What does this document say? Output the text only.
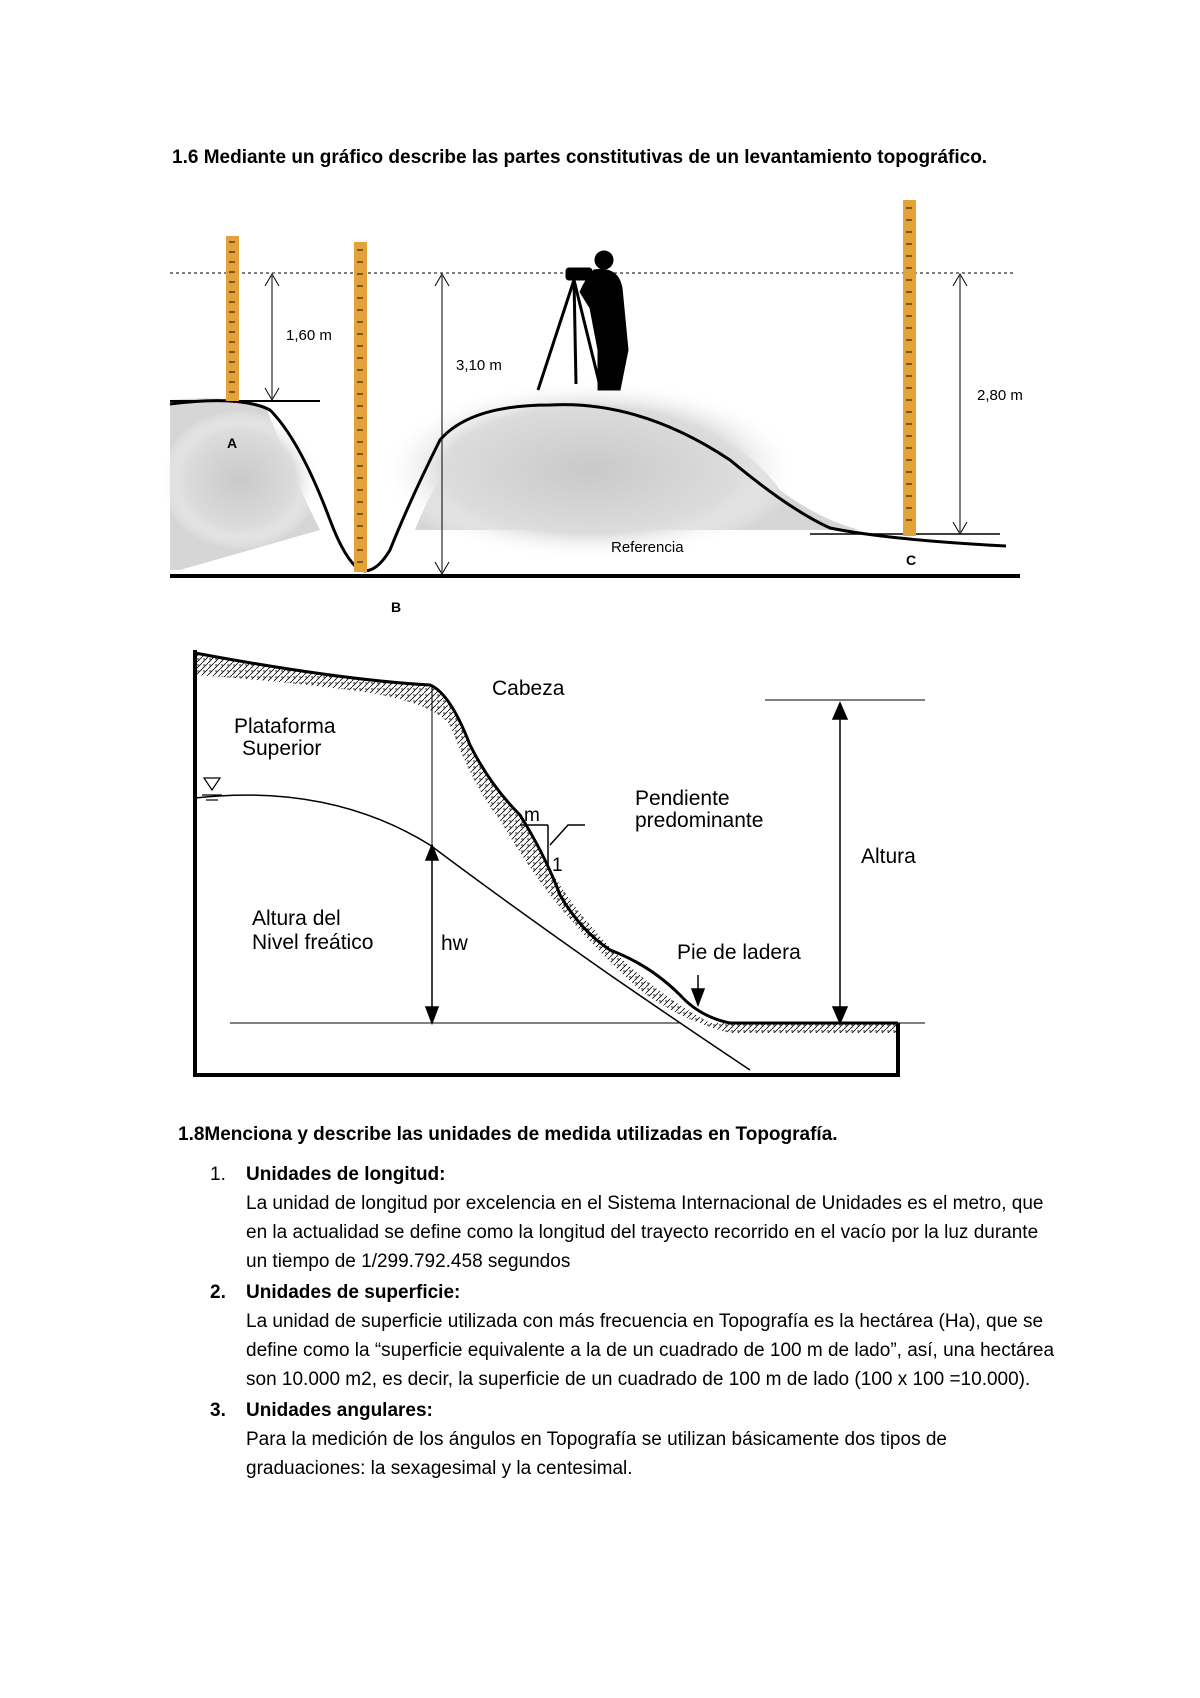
1.6 Mediante un gráfico describe las partes constitutivas de un levantamiento topográfico.

1,60 m
3,10 m
2,80 m
A
B
C
Referencia
Cabeza
Plataforma
Superior
Pendiente
predominante
m
1	Altura
Altura del
Nivel freático	hw	Pie de ladera

1.8Menciona y describe las unidades de medida utilizadas en Topografía.

1. Unidades de longitud:
La unidad de longitud por excelencia en el Sistema Internacional de Unidades es el metro, que en la actualidad se define como la longitud del trayecto recorrido en el vacío por la luz durante un tiempo de 1/299.792.458 segundos
2. Unidades de superficie:
La unidad de superficie utilizada con más frecuencia en Topografía es la hectárea (Ha), que se define como la “superficie equivalente a la de un cuadrado de 100 m de lado”, así, una hectárea son 10.000 m2, es decir, la superficie de un cuadrado de 100 m de lado (100 x 100 =10.000).
3. Unidades angulares:
Para la medición de los ángulos en Topografía se utilizan básicamente dos tipos de graduaciones: la sexagesimal y la centesimal.
